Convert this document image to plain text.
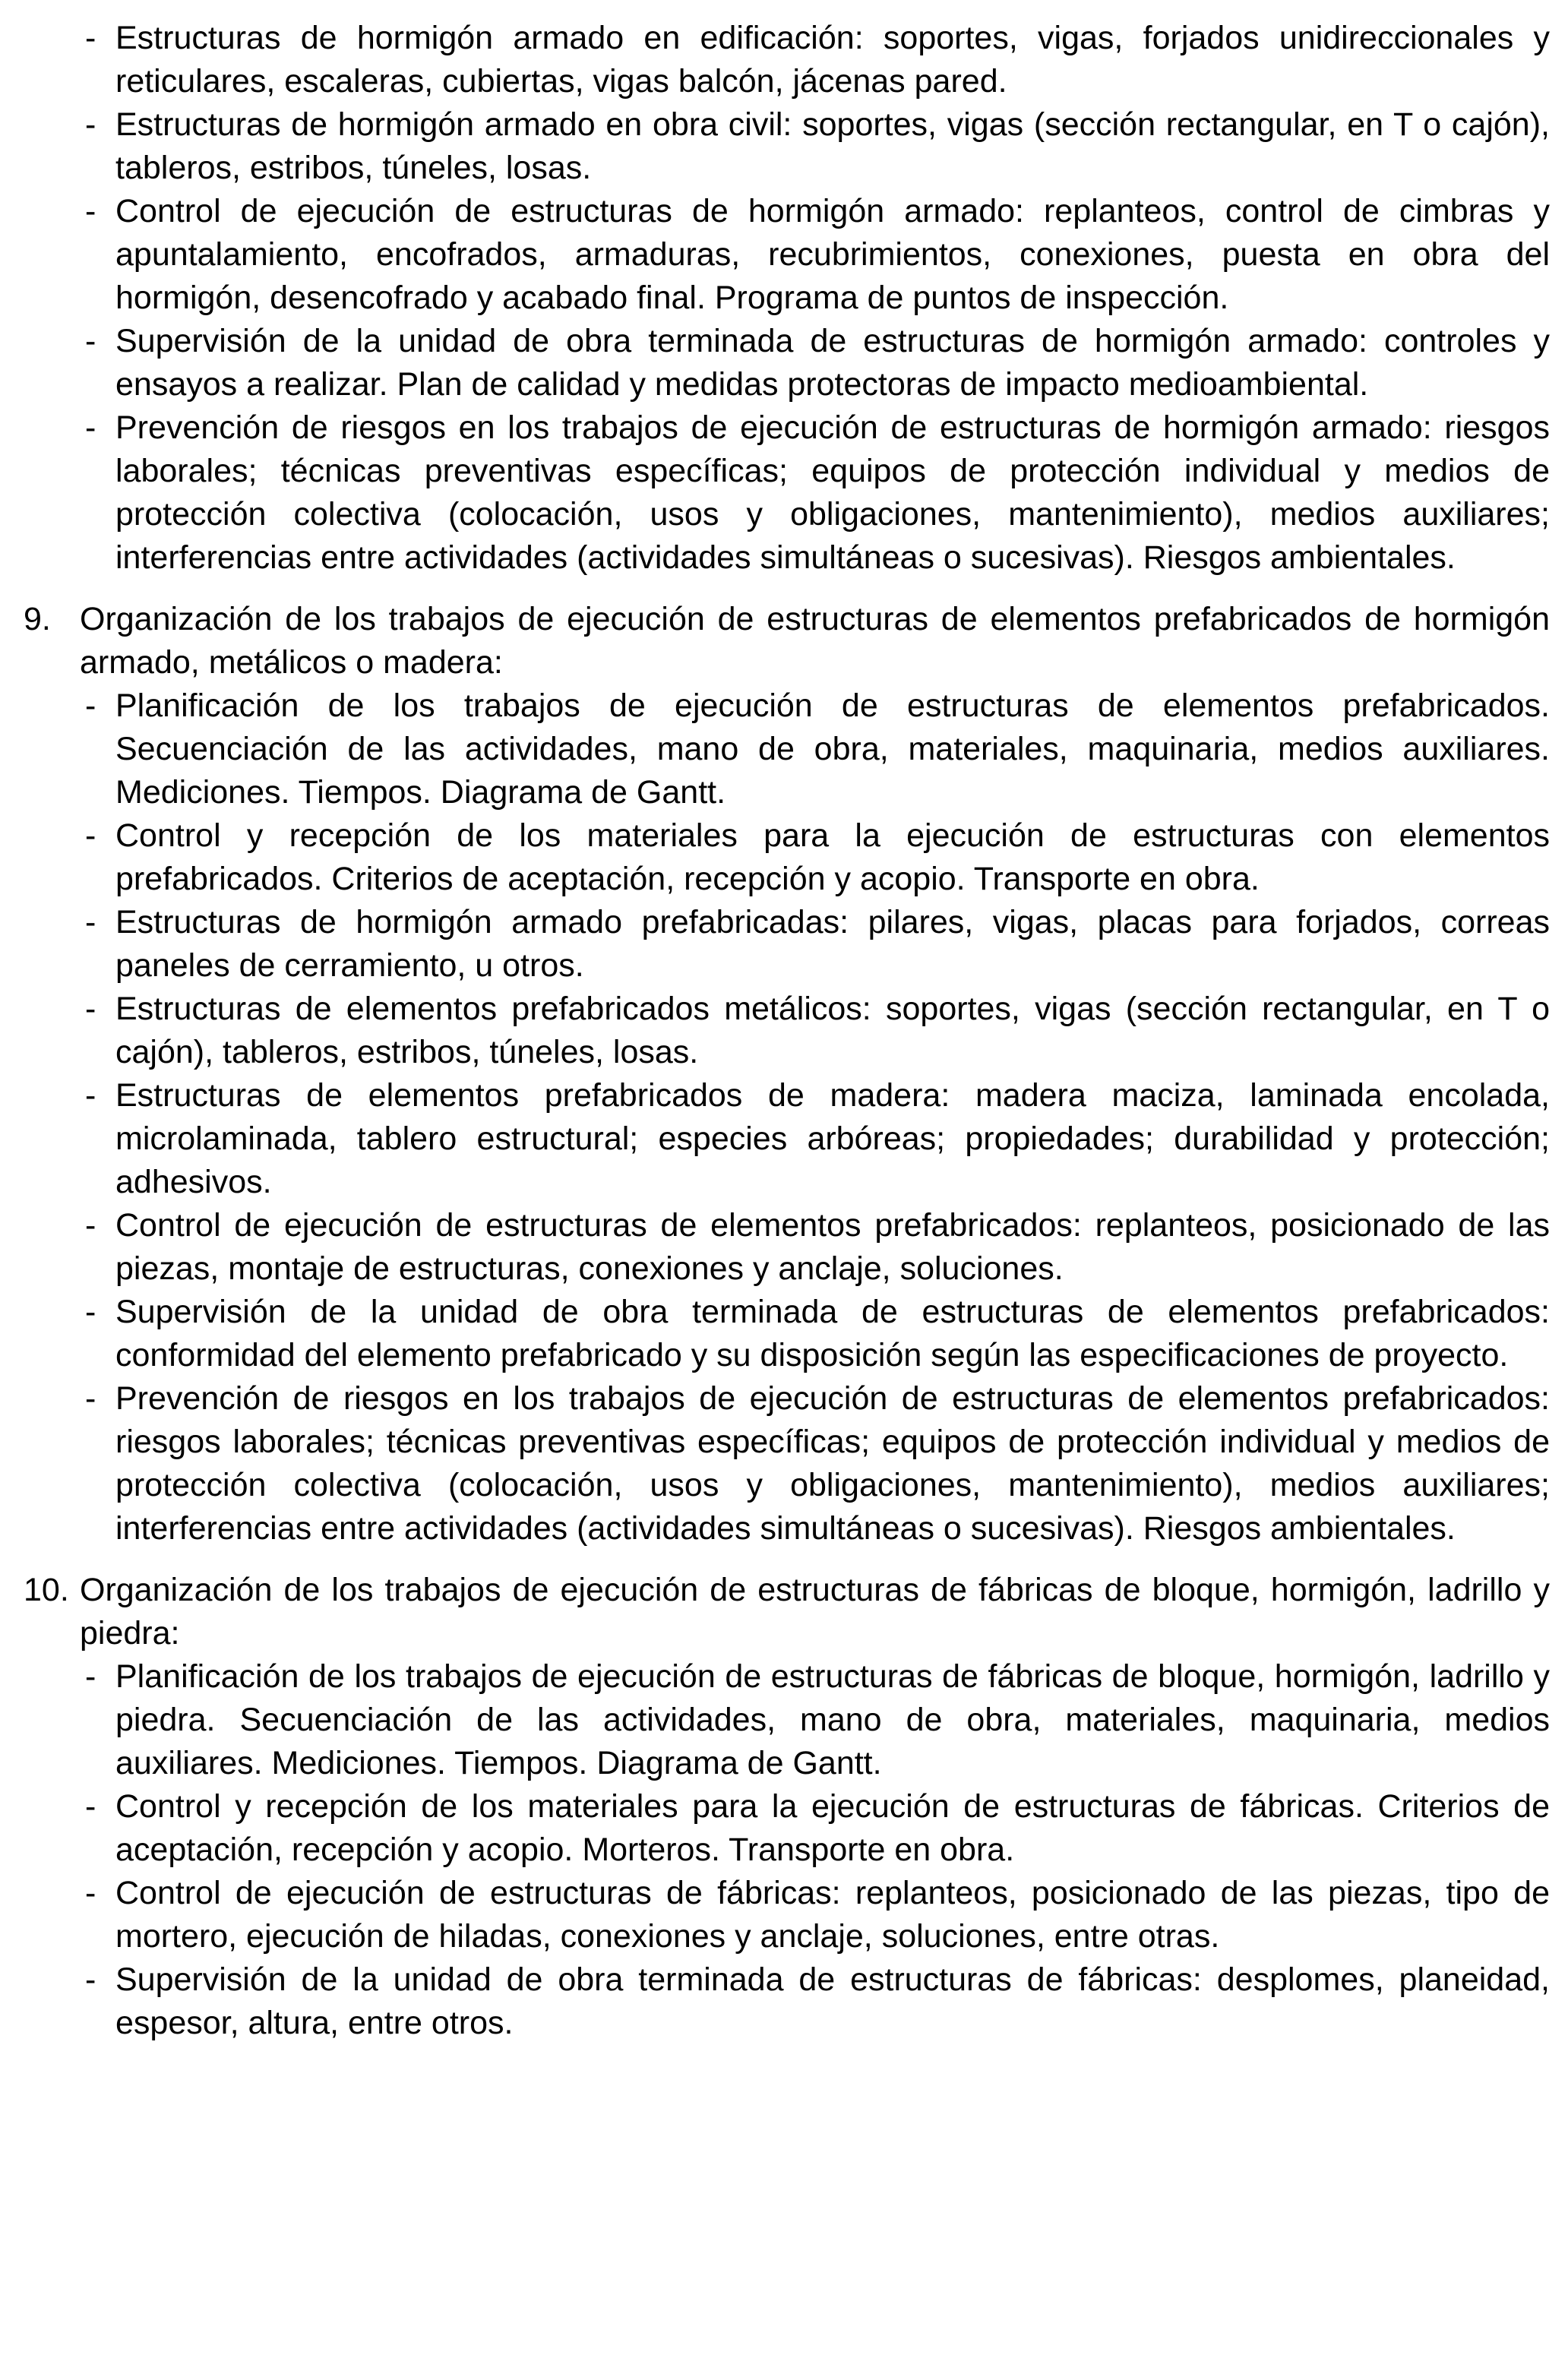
- Estructuras de hormigón armado en edificación: soportes, vigas, forjados unidireccionales y reticulares, escaleras, cubiertas, vigas balcón, jácenas pared.

- Estructuras de hormigón armado en obra civil: soportes, vigas (sección rectangular, en T o cajón), tableros, estribos, túneles, losas.

- Control de ejecución de estructuras de hormigón armado: replanteos, control de cimbras y apuntalamiento, encofrados, armaduras, recubrimientos, conexiones, puesta en obra del hormigón, desencofrado y acabado final. Programa de puntos de inspección.

- Supervisión de la unidad de obra terminada de estructuras de hormigón armado: controles y ensayos a realizar. Plan de calidad y medidas protectoras de impacto medioambiental.

- Prevención de riesgos en los trabajos de ejecución de estructuras de hormigón armado: riesgos laborales; técnicas preventivas específicas; equipos de protección individual y medios de protección colectiva (colocación, usos y obligaciones, mantenimiento), medios auxiliares; interferencias entre actividades (actividades simultáneas o sucesivas). Riesgos ambientales.

9. Organización de los trabajos de ejecución de estructuras de elementos prefabricados de hormigón armado, metálicos o madera:

- Planificación de los trabajos de ejecución de estructuras de elementos prefabricados. Secuenciación de las actividades, mano de obra, materiales, maquinaria, medios auxiliares. Mediciones. Tiempos. Diagrama de Gantt.

- Control y recepción de los materiales para la ejecución de estructuras con elementos prefabricados. Criterios de aceptación, recepción y acopio. Transporte en obra.

- Estructuras de hormigón armado prefabricadas: pilares, vigas, placas para forjados, correas paneles de cerramiento, u otros.

- Estructuras de elementos prefabricados metálicos: soportes, vigas (sección rectangular, en T o cajón), tableros, estribos, túneles, losas.

- Estructuras de elementos prefabricados de madera: madera maciza, laminada encolada, microlaminada, tablero estructural; especies arbóreas; propiedades; durabilidad y protección; adhesivos.

- Control de ejecución de estructuras de elementos prefabricados: replanteos, posicionado de las piezas, montaje de estructuras, conexiones y anclaje, soluciones.

- Supervisión de la unidad de obra terminada de estructuras de elementos prefabricados: conformidad del elemento prefabricado y su disposición según las especificaciones de proyecto.

- Prevención de riesgos en los trabajos de ejecución de estructuras de elementos prefabricados: riesgos laborales; técnicas preventivas específicas; equipos de protección individual y medios de protección colectiva (colocación, usos y obligaciones, mantenimiento), medios auxiliares; interferencias entre actividades (actividades simultáneas o sucesivas). Riesgos ambientales.

10. Organización de los trabajos de ejecución de estructuras de fábricas de bloque, hormigón, ladrillo y piedra:

- Planificación de los trabajos de ejecución de estructuras de fábricas de bloque, hormigón, ladrillo y piedra. Secuenciación de las actividades, mano de obra, materiales, maquinaria, medios auxiliares. Mediciones. Tiempos. Diagrama de Gantt.

- Control y recepción de los materiales para la ejecución de estructuras de fábricas. Criterios de aceptación, recepción y acopio. Morteros. Transporte en obra.

- Control de ejecución de estructuras de fábricas: replanteos, posicionado de las piezas, tipo de mortero, ejecución de hiladas, conexiones y anclaje, soluciones, entre otras.

- Supervisión de la unidad de obra terminada de estructuras de fábricas: desplomes, planeidad, espesor, altura, entre otros.
